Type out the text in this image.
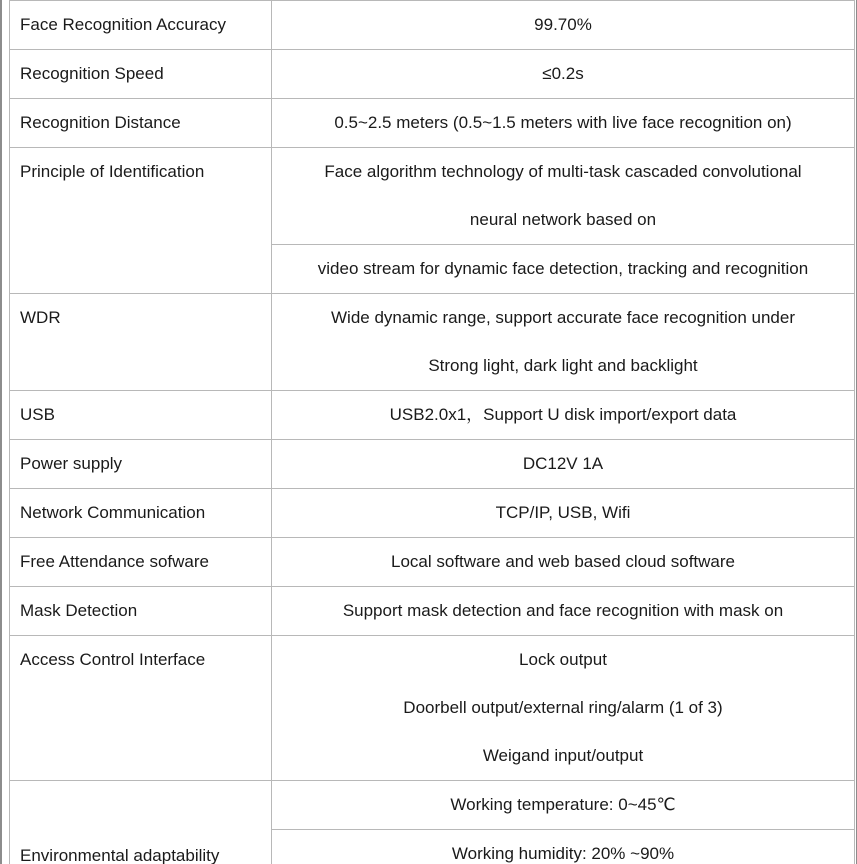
Face Recognition Accuracy	99.70%

Recognition Speed	≤0.2s

Recognition Distance	0.5~2.5 meters (0.5~1.5 meters with live face recognition on)

Principle of Identification	Face algorithm technology of multi-task cascaded convolutional
neural network based on

	video stream for dynamic face detection, tracking and recognition

WDR	Wide dynamic range, support accurate face recognition under
Strong light, dark light and backlight

USB	USB2.0x1，Support U disk import/export data

Power supply	DC12V 1A

Network Communication	TCP/IP, USB, Wifi

Free Attendance sofware	Local software and web based cloud software

Mask Detection	Support mask detection and face recognition with mask on

Access Control Interface	Lock output
Doorbell output/external ring/alarm (1 of 3)
Weigand input/output

Environmental adaptability	Working temperature: 0~45℃

	Working humidity: 20% ~90%
